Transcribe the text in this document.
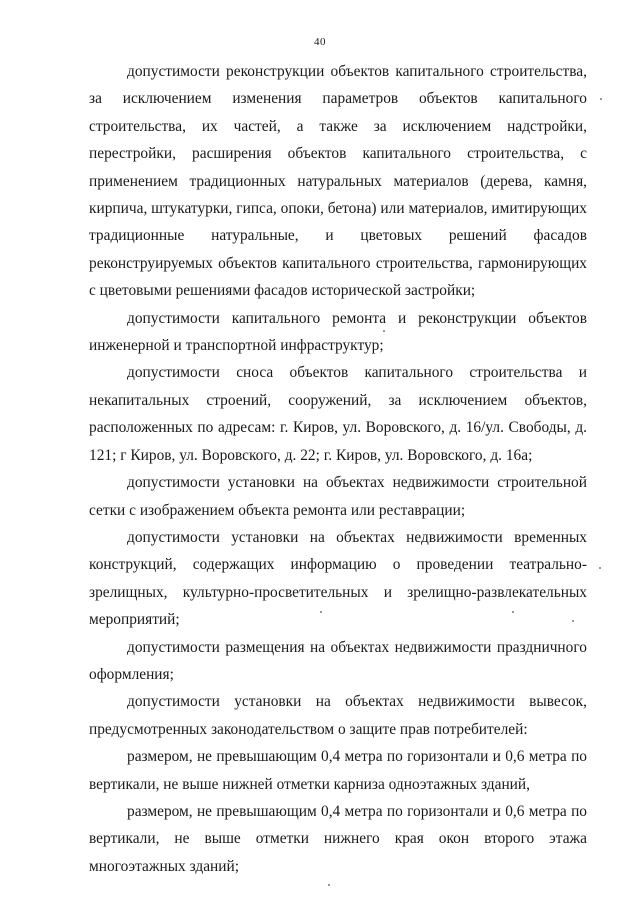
40

допустимости реконструкции объектов капитального строительства, за исключением изменения параметров объектов капитального строительства, их частей, а также за исключением надстройки, перестройки, расширения объектов капитального строительства, с применением традиционных натуральных материалов (дерева, камня, кирпича, штукатурки, гипса, опоки, бетона) или материалов, имитирующих традиционные натуральные, и цветовых решений фасадов реконструируемых объектов капитального строительства, гармонирующих с цветовыми решениями фасадов исторической застройки;

допустимости капитального ремонта и реконструкции объектов инженерной и транспортной инфраструктур;

допустимости сноса объектов капитального строительства и некапитальных строений, сооружений, за исключением объектов, расположенных по адресам: г. Киров, ул. Воровского, д. 16/ул. Свободы, д. 121; г Киров, ул. Воровского, д. 22; г. Киров, ул. Воровского, д. 16а;

допустимости установки на объектах недвижимости строительной сетки с изображением объекта ремонта или реставрации;

допустимости установки на объектах недвижимости временных конструкций, содержащих информацию о проведении театрально-зрелищных, культурно-просветительных и зрелищно-развлекательных мероприятий;

допустимости размещения на объектах недвижимости праздничного оформления;

допустимости установки на объектах недвижимости вывесок, предусмотренных законодательством о защите прав потребителей:

размером, не превышающим 0,4 метра по горизонтали и 0,6 метра по вертикали, не выше нижней отметки карниза одноэтажных зданий,

размером, не превышающим 0,4 метра по горизонтали и 0,6 метра по вертикали, не выше отметки нижнего края окон второго этажа многоэтажных зданий;
